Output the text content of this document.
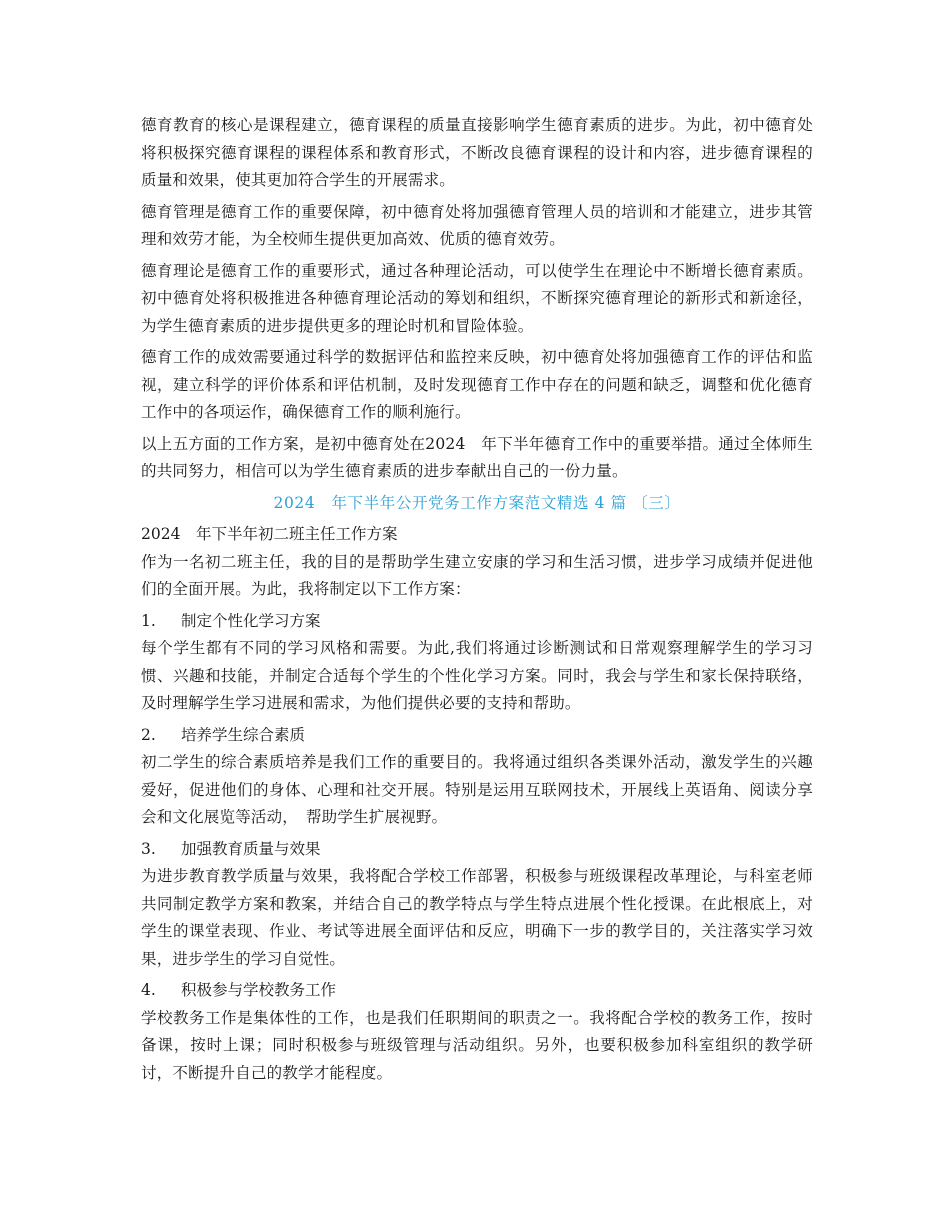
德育教育的核心是课程建立，德育课程的质量直接影响学生德育素质的进步。为此，初中德育处将积极探究德育课程的课程体系和教育形式，不断改良德育课程的设计和内容，进步德育课程的质量和效果，使其更加符合学生的开展需求。

德育管理是德育工作的重要保障，初中德育处将加强德育管理人员的培训和才能建立，进步其管理和效劳才能，为全校师生提供更加高效、优质的德育效劳。

德育理论是德育工作的重要形式，通过各种理论活动，可以使学生在理论中不断增长德育素质。初中德育处将积极推进各种德育理论活动的筹划和组织，不断探究德育理论的新形式和新途径，为学生德育素质的进步提供更多的理论时机和冒险体验。

德育工作的成效需要通过科学的数据评估和监控来反映，初中德育处将加强德育工作的评估和监视，建立科学的评价体系和评估机制，及时发现德育工作中存在的问题和缺乏，调整和优化德育工作中的各项运作，确保德育工作的顺利施行。

以上五方面的工作方案，是初中德育处在2024　年下半年德育工作中的重要举措。通过全体师生的共同努力，相信可以为学生德育素质的进步奉献出自己的一份力量。

2024　年下半年公开党务工作方案范文精选 4 篇 〔三〕
2024　年下半年初二班主任工作方案

作为一名初二班主任，我的目的是帮助学生建立安康的学习和生活习惯，进步学习成绩并促进他们的全面开展。为此，我将制定以下工作方案：

1.	制定个性化学习方案

每个学生都有不同的学习风格和需要。为此,我们将通过诊断测试和日常观察理解学生的学习习惯、兴趣和技能，并制定合适每个学生的个性化学习方案。同时，我会与学生和家长保持联络，及时理解学生学习进展和需求，为他们提供必要的支持和帮助。

2.	培养学生综合素质

初二学生的综合素质培养是我们工作的重要目的。我将通过组织各类课外活动，激发学生的兴趣爱好，促进他们的身体、心理和社交开展。特别是运用互联网技术，开展线上英语角、阅读分享会和文化展览等活动，　帮助学生扩展视野。

3.	加强教育质量与效果

为进步教育教学质量与效果，我将配合学校工作部署，积极参与班级课程改革理论，与科室老师共同制定教学方案和教案，并结合自己的教学特点与学生特点进展个性化授课。在此根底上，对学生的课堂表现、作业、考试等进展全面评估和反应，明确下一步的教学目的，关注落实学习效果，进步学生的学习自觉性。

4.	积极参与学校教务工作

学校教务工作是集体性的工作，也是我们任职期间的职责之一。我将配合学校的教务工作，按时备课，按时上课；同时积极参与班级管理与活动组织。另外，也要积极参加科室组织的教学研讨，不断提升自己的教学才能程度。
